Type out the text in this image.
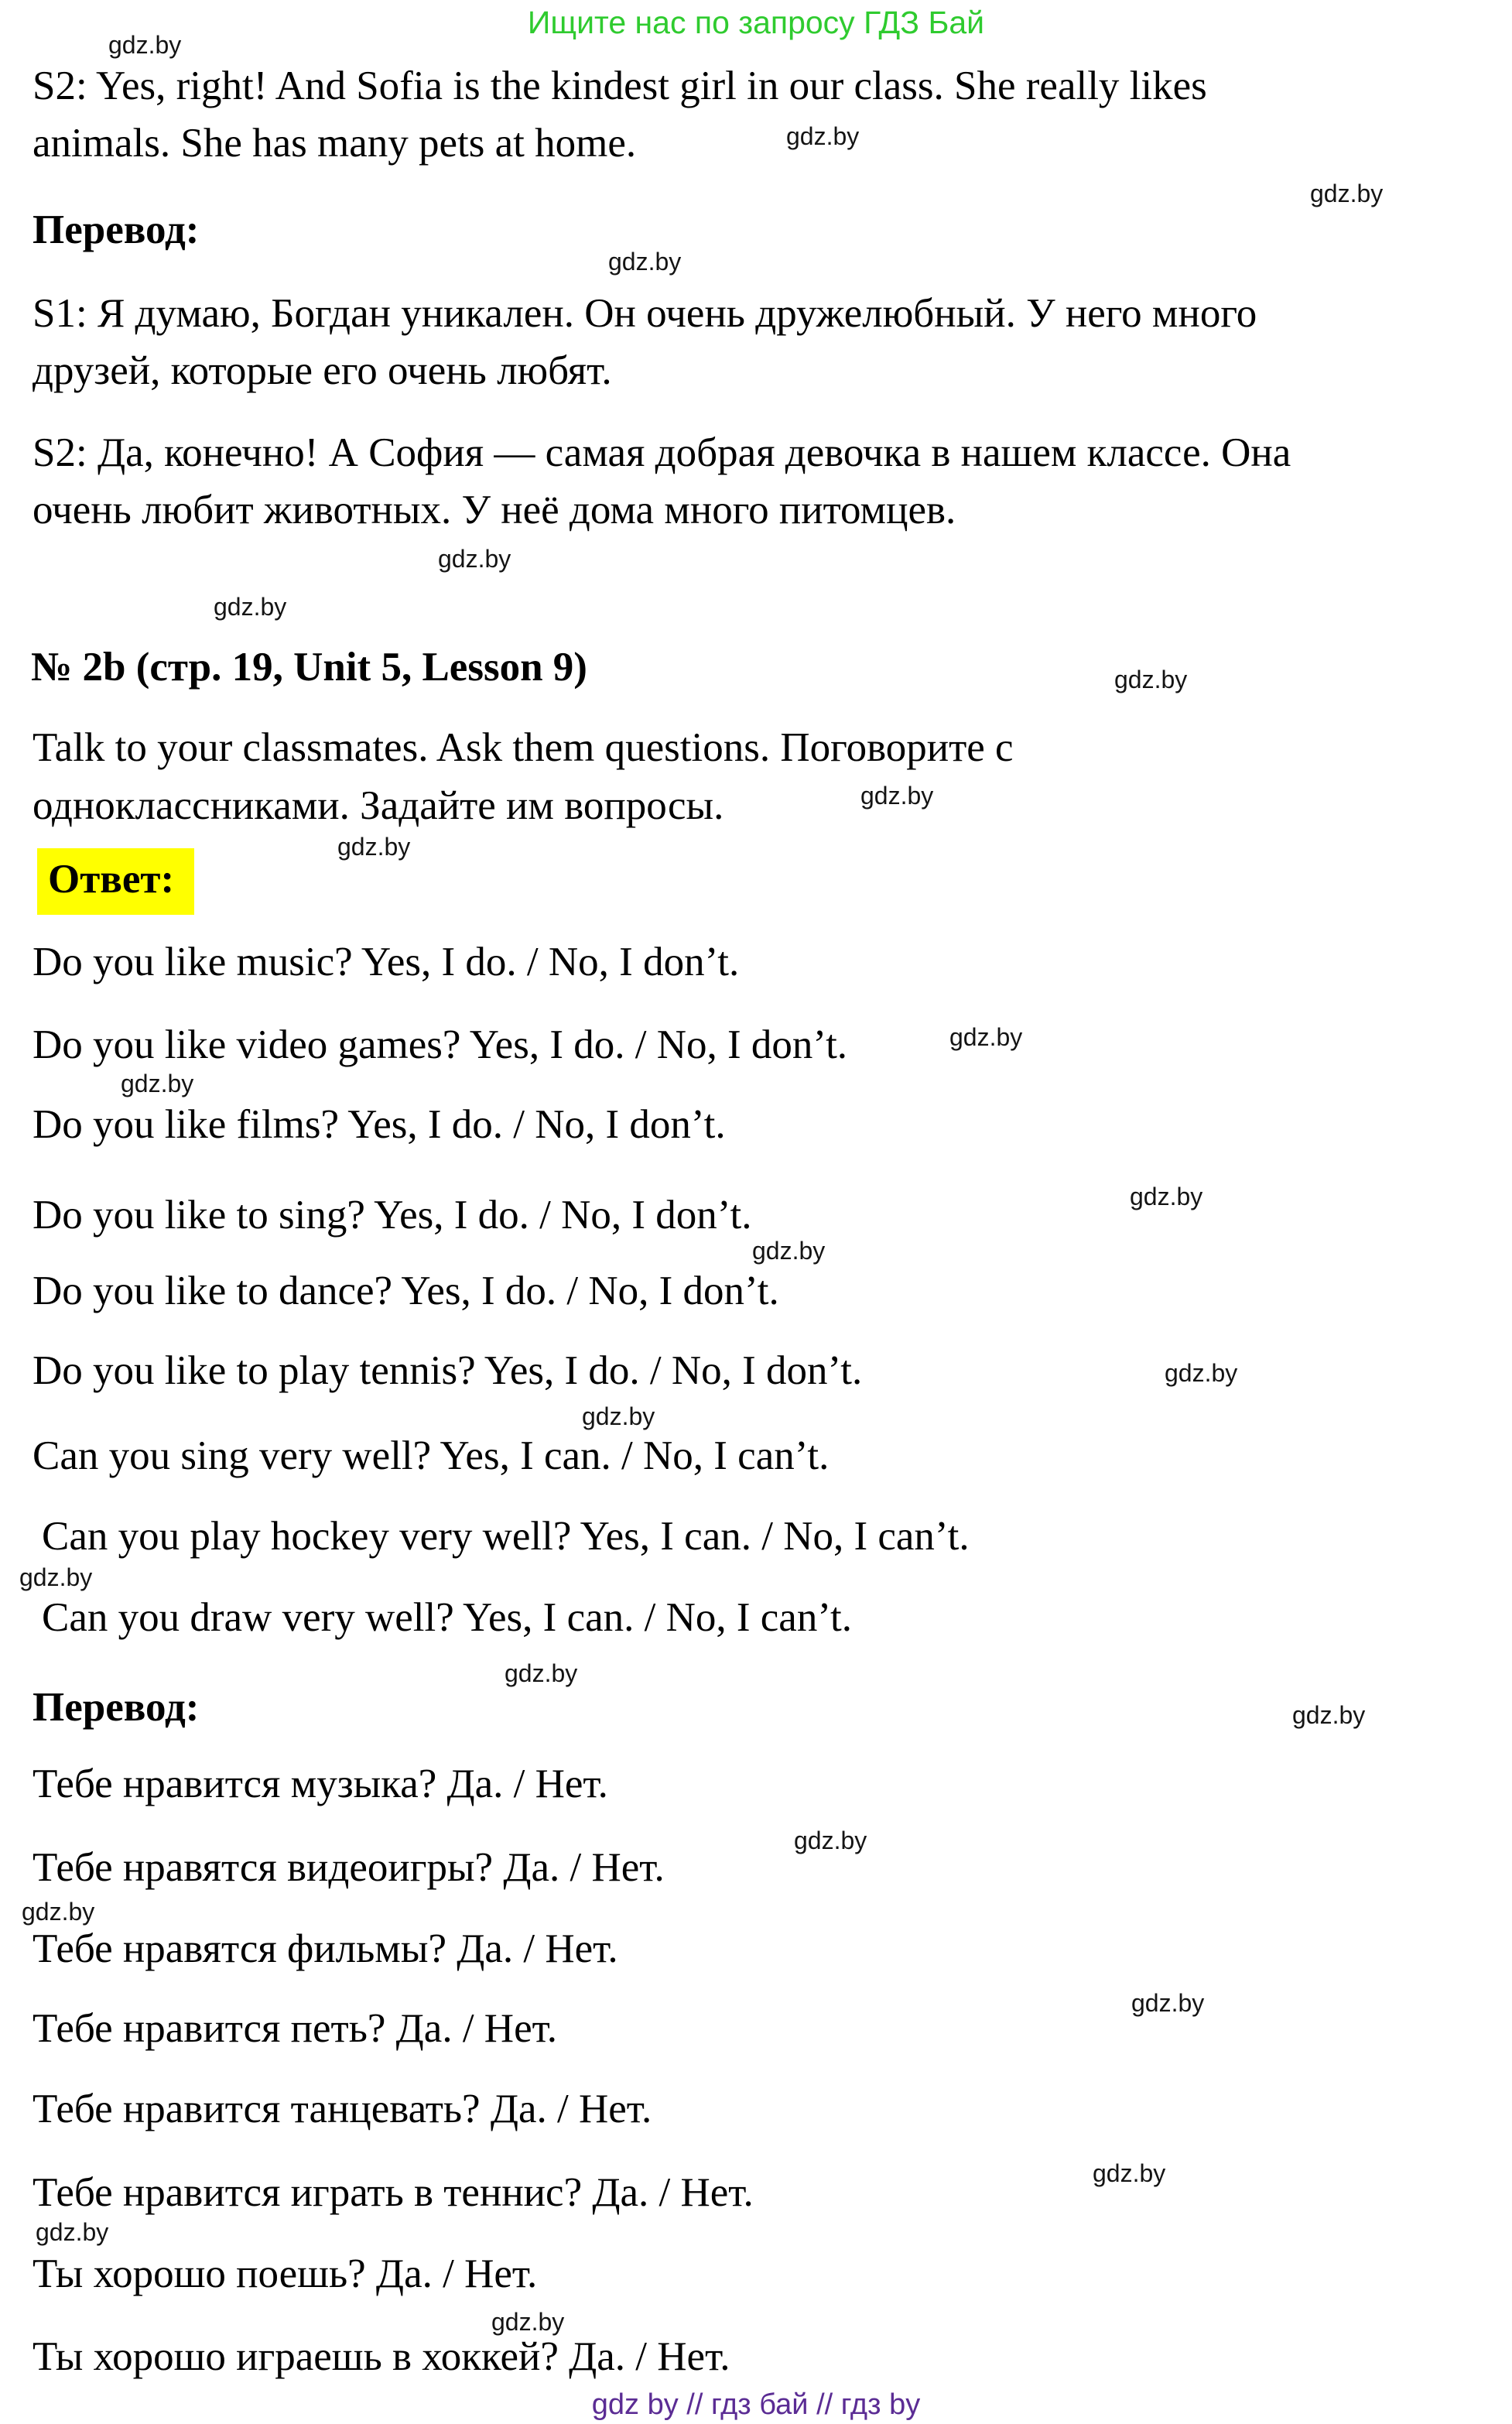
Ищите нас по запросу ГДЗ Бай
gdz.by
gdz.by
gdz.by
gdz.by
gdz.by
gdz.by
gdz.by
gdz.by
gdz.by
gdz.by
gdz.by
gdz.by
gdz.by
gdz.by
gdz.by
gdz.by
gdz.by
gdz.by
gdz.by
gdz.by
gdz.by
gdz.by
gdz.by
gdz.by
S2: Yes, right! And Sofia is the kindest girl in our class. She really likes
animals. She has many pets at home.
Перевод:
S1: Я думаю, Богдан уникален. Он очень дружелюбный. У него много
друзей, которые его очень любят.
S2: Да, конечно! А София — самая добрая девочка в нашем классе. Она
очень любит животных. У неё дома много питомцев.
№ 2b (стр. 19, Unit 5, Lesson 9)
Talk to your classmates. Ask them questions. Поговорите с
одноклассниками. Задайте им вопросы.
Ответ:
Do you like music? Yes, I do. / No, I don’t.
Do you like video games? Yes, I do. / No, I don’t.
Do you like films? Yes, I do. / No, I don’t.
Do you like to sing? Yes, I do. / No, I don’t.
Do you like to dance? Yes, I do. / No, I don’t.
Do you like to play tennis? Yes, I do. / No, I don’t.
Can you sing very well? Yes, I can. / No, I can’t.
Can you play hockey very well? Yes, I can. / No, I can’t.
Can you draw very well? Yes, I can. / No, I can’t.
Перевод:
Тебе нравится музыка? Да. / Нет.
Тебе нравятся видеоигры? Да. / Нет.
Тебе нравятся фильмы? Да. / Нет.
Тебе нравится петь? Да. / Нет.
Тебе нравится танцевать? Да. / Нет.
Тебе нравится играть в теннис? Да. / Нет.
Ты хорошо поешь? Да. / Нет.
Ты хорошо играешь в хоккей? Да. / Нет.
gdz by // гдз бай // гдз by
